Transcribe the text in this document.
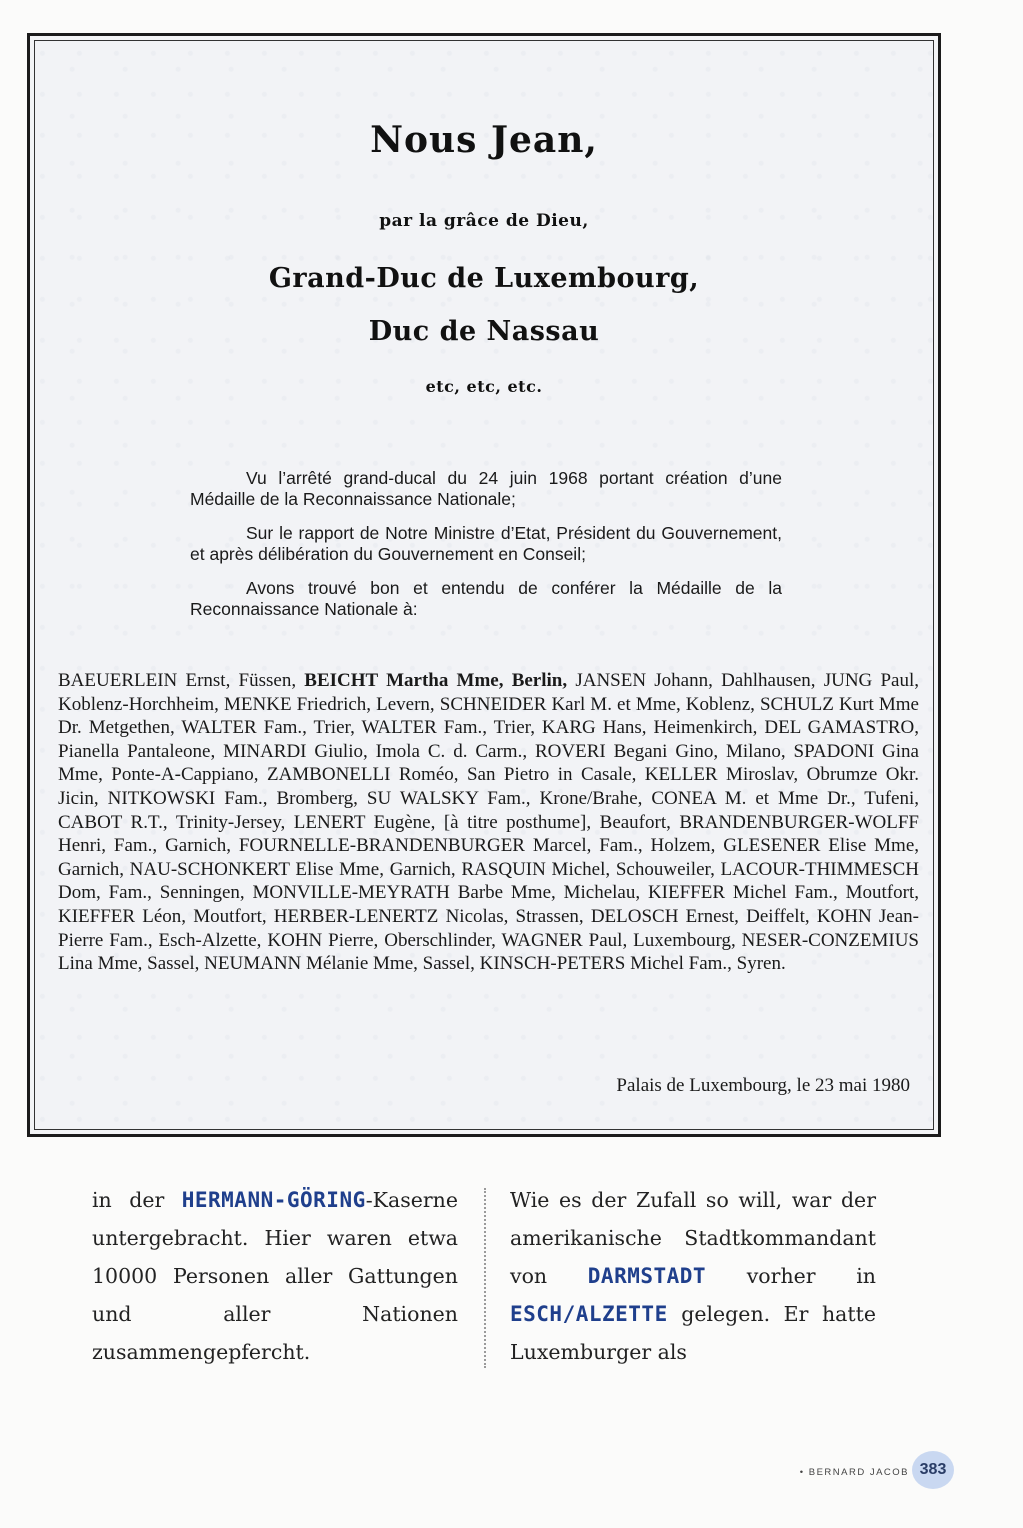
Nous Jean,
par la grâce de Dieu,
Grand-Duc de Luxembourg,
Duc de Nassau
etc, etc, etc.

Vu l’arrêté grand-ducal du 24 juin 1968 portant création d’une Médaille de la Reconnaissance Nationale;

Sur le rapport de Notre Ministre d’Etat, Président du Gouvernement, et après délibération du Gouvernement en Conseil;

Avons trouvé bon et entendu de conférer la Médaille de la Reconnaissance Nationale à:

BAEUERLEIN Ernst, Füssen, BEICHT Martha Mme, Berlin, JANSEN Johann, Dahlhausen, JUNG Paul, Koblenz-Horchheim, MENKE Friedrich, Levern, SCHNEIDER Karl M. et Mme, Koblenz, SCHULZ Kurt Mme Dr. Metgethen, WALTER Fam., Trier, WALTER Fam., Trier, KARG Hans, Heimenkirch, DEL GAMASTRO, Pianella Pantaleone, MINARDI Giulio, Imola C. d. Carm., ROVERI Begani Gino, Milano, SPADONI Gina Mme, Ponte-A-Cappiano, ZAMBONELLI Roméo, San Pietro in Casale, KELLER Miroslav, Obrumze Okr. Jicin, NITKOWSKI Fam., Bromberg, SU WALSKY Fam., Krone/Brahe, CONEA M. et Mme Dr., Tufeni, CABOT R.T., Trinity-Jersey, LENERT Eugène, [à titre posthume], Beaufort, BRANDENBURGER-WOLFF Henri, Fam., Garnich, FOURNELLE-BRANDENBURGER Marcel, Fam., Holzem, GLESENER Elise Mme, Garnich, NAU-SCHONKERT Elise Mme, Garnich, RASQUIN Michel, Schouweiler, LACOUR-THIMMESCH Dom, Fam., Senningen, MONVILLE-MEYRATH Barbe Mme, Michelau, KIEFFER Michel Fam., Moutfort, KIEFFER Léon, Moutfort, HERBER-LENERTZ Nicolas, Strassen, DELOSCH Ernest, Deiffelt, KOHN Jean-Pierre Fam., Esch-Alzette, KOHN Pierre, Oberschlinder, WAGNER Paul, Luxembourg, NESER-CONZEMIUS Lina Mme, Sassel, NEUMANN Mélanie Mme, Sassel, KINSCH-PETERS Michel Fam., Syren.

Palais de Luxembourg, le 23 mai 1980

in der HERMANN-GÖRING-Kaserne untergebracht. Hier waren etwa 10000 Personen aller Gattungen und aller Nationen zusammengepfercht.

Wie es der Zufall so will, war der amerikanische Stadtkommandant von DARMSTADT vorher in ESCH/ALZETTE gelegen. Er hatte Luxemburger als

• BERNARD JACOB 383
